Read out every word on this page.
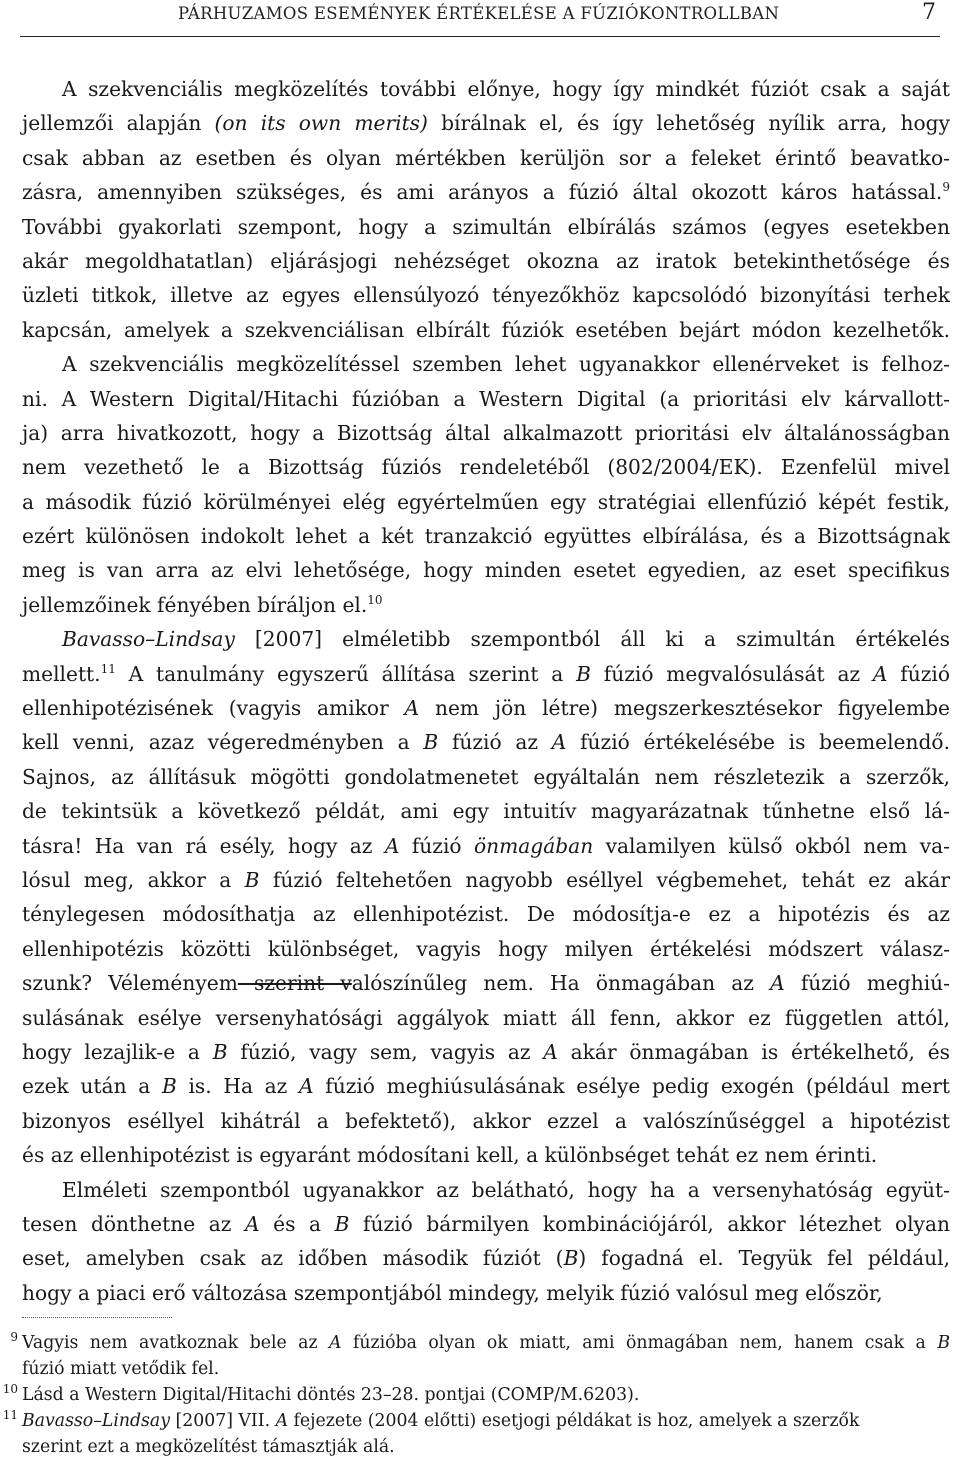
PÁRHUZAMOS ESEMÉNYEK ÉRTÉKELÉSE A FÚZIÓKONTROLLBAN	7
A szekvenciális megközelítés további előnye, hogy így mindkét fúziót csak a saját
jellemzői alapján (on its own merits) bírálnak el, és így lehetőség nyílik arra, hogy
csak abban az esetben és olyan mértékben kerüljön sor a feleket érintő beavatko-
zásra, amennyiben szükséges, és ami arányos a fúzió által okozott káros hatással.$^9$
További gyakorlati szempont, hogy a szimultán elbírálás számos (egyes esetekben
akár megoldhatatlan) eljárásjogi nehézséget okozna az iratok betekinthetősége és
üzleti titkok, illetve az egyes ellensúlyozó tényezőkhöz kapcsolódó bizonyítási terhek
kapcsán, amelyek a szekvenciálisan elbírált fúziók esetében bejárt módon kezelhetők.
A szekvenciális megközelítéssel szemben lehet ugyanakkor ellenérveket is felhoz-
ni. A Western Digital/Hitachi fúzióban a Western Digital (a prioritási elv kárvallott-
ja) arra hivatkozott, hogy a Bizottság által alkalmazott prioritási elv általánosságban
nem vezethető le a Bizottság fúziós rendeletéből (802/2004/EK). Ezenfelül mivel
a második fúzió körülményei elég egyértelműen egy stratégiai ellenfúzió képét festik,
ezért különösen indokolt lehet a két tranzakció együttes elbírálása, és a Bizottságnak
meg is van arra az elvi lehetősége, hogy minden esetet egyedien, az eset specifikus
jellemzőinek fényében bíráljon el.$^{10}$
Bavasso–Lindsay [2007] elméletibb szempontból áll ki a szimultán értékelés
mellett.$^{11}$ A tanulmány egyszerű állítása szerint a B fúzió megvalósulását az A fúzió
ellenhipotézisének (vagyis amikor A nem jön létre) megszerkesztésekor figyelembe
kell venni, azaz végeredményben a B fúzió az A fúzió értékelésébe is beemelendő.
Sajnos, az állításuk mögötti gondolatmenetet egyáltalán nem részletezik a szerzők,
de tekintsük a következő példát, ami egy intuitív magyarázatnak tűnhetne első lá-
tásra! Ha van rá esély, hogy az A fúzió önmagában valamilyen külső okból nem va-
lósul meg, akkor a B fúzió feltehetően nagyobb eséllyel végbemehet, tehát ez akár
ténylegesen módosíthatja az ellenhipotézist. De módosítja-e ez a hipotézis és az
ellenhipotézis közötti különbséget, vagyis hogy milyen értékelési módszert válasz-
szunk? Véleményem szerint valószínűleg nem. Ha önmagában az A fúzió meghiú-
sulásának esélye versenyhatósági aggályok miatt áll fenn, akkor ez független attól,
hogy lezajlik-e a B fúzió, vagy sem, vagyis az A akár önmagában is értékelhető, és
ezek után a B is. Ha az A fúzió meghiúsulásának esélye pedig exogén (például mert
bizonyos eséllyel kihátrál a befektető), akkor ezzel a valószínűséggel a hipotézist
és az ellenhipotézist is egyaránt módosítani kell, a különbséget tehát ez nem érinti.
Elméleti szempontból ugyanakkor az belátható, hogy ha a versenyhatóság együt-
tesen dönthetne az A és a B fúzió bármilyen kombinációjáról, akkor létezhet olyan
eset, amelyben csak az időben második fúziót (B) fogadná el. Tegyük fel például,
hogy a piaci erő változása szempontjából mindegy, melyik fúzió valósul meg először,
9 Vagyis nem avatkoznak bele az A fúzióba olyan ok miatt, ami önmagában nem, hanem csak a B
fúzió miatt vetődik fel.
10 Lásd a Western Digital/Hitachi döntés 23–28. pontjai (COMP/M.6203).
11 Bavasso–Lindsay [2007] VII. A fejezete (2004 előtti) esetjogi példákat is hoz, amelyek a szerzők
szerint ezt a megközelítést támasztják alá.
